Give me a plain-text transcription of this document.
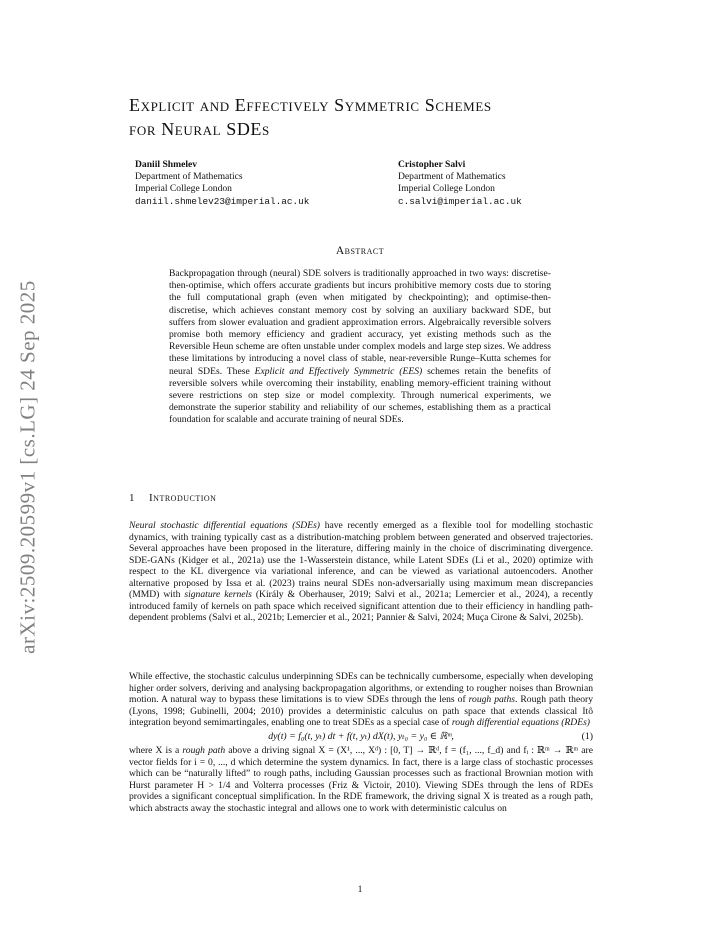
arXiv:2509.20599v1 [cs.LG] 24 Sep 2025
Explicit and Effectively Symmetric Schemes
for Neural SDEs
Daniil Shmelev
Department of Mathematics
Imperial College London
daniil.shmelev23@imperial.ac.uk
Cristopher Salvi
Department of Mathematics
Imperial College London
c.salvi@imperial.ac.uk
Abstract
Backpropagation through (neural) SDE solvers is traditionally approached in two ways: discretise-then-optimise, which offers accurate gradients but incurs prohibitive memory costs due to storing the full computational graph (even when mitigated by checkpointing); and optimise-then-discretise, which achieves constant memory cost by solving an auxiliary backward SDE, but suffers from slower evaluation and gradient approximation errors. Algebraically reversible solvers promise both memory efficiency and gradient accuracy, yet existing methods such as the Reversible Heun scheme are often unstable under complex models and large step sizes. We address these limitations by introducing a novel class of stable, near-reversible Runge–Kutta schemes for neural SDEs. These Explicit and Effectively Symmetric (EES) schemes retain the benefits of reversible solvers while overcoming their instability, enabling memory-efficient training without severe restrictions on step size or model complexity. Through numerical experiments, we demonstrate the superior stability and reliability of our schemes, establishing them as a practical foundation for scalable and accurate training of neural SDEs.
1 Introduction
Neural stochastic differential equations (SDEs) have recently emerged as a flexible tool for modelling stochastic dynamics, with training typically cast as a distribution-matching problem between generated and observed trajectories. Several approaches have been proposed in the literature, differing mainly in the choice of discriminating divergence. SDE-GANs (Kidger et al., 2021a) use the 1-Wasserstein distance, while Latent SDEs (Li et al., 2020) optimize with respect to the KL divergence via variational inference, and can be viewed as variational autoencoders. Another alternative proposed by Issa et al. (2023) trains neural SDEs non-adversarially using maximum mean discrepancies (MMD) with signature kernels (Király & Oberhauser, 2019; Salvi et al., 2021a; Lemercier et al., 2024), a recently introduced family of kernels on path space which received significant attention due to their efficiency in handling path-dependent problems (Salvi et al., 2021b; Lemercier et al., 2021; Pannier & Salvi, 2024; Muça Cirone & Salvi, 2025b).
While effective, the stochastic calculus underpinning SDEs can be technically cumbersome, especially when developing higher order solvers, deriving and analysing backpropagation algorithms, or extending to rougher noises than Brownian motion. A natural way to bypass these limitations is to view SDEs through the lens of rough paths. Rough path theory (Lyons, 1998; Gubinelli, 2004; 2010) provides a deterministic calculus on path space that extends classical Itô integration beyond semimartingales, enabling one to treat SDEs as a special case of rough differential equations (RDEs)
dy(t) = f₀(t, yₜ) dt + f(t, yₜ) dX(t), yₜ₀ = y₀ ∈ ℝᵐ,	(1)
where X is a rough path above a driving signal X = (X¹, ..., Xᵈ) : [0, T] → ℝᵈ, f = (f₁, ..., f_d) and fᵢ : ℝᵐ → ℝᵐ are vector fields for i = 0, ..., d which determine the system dynamics. In fact, there is a large class of stochastic processes which can be “naturally lifted” to rough paths, including Gaussian processes such as fractional Brownian motion with Hurst parameter H > 1/4 and Volterra processes (Friz & Victoir, 2010). Viewing SDEs through the lens of RDEs provides a significant conceptual simplification. In the RDE framework, the driving signal X is treated as a rough path, which abstracts away the stochastic integral and allows one to work with deterministic calculus on
1
